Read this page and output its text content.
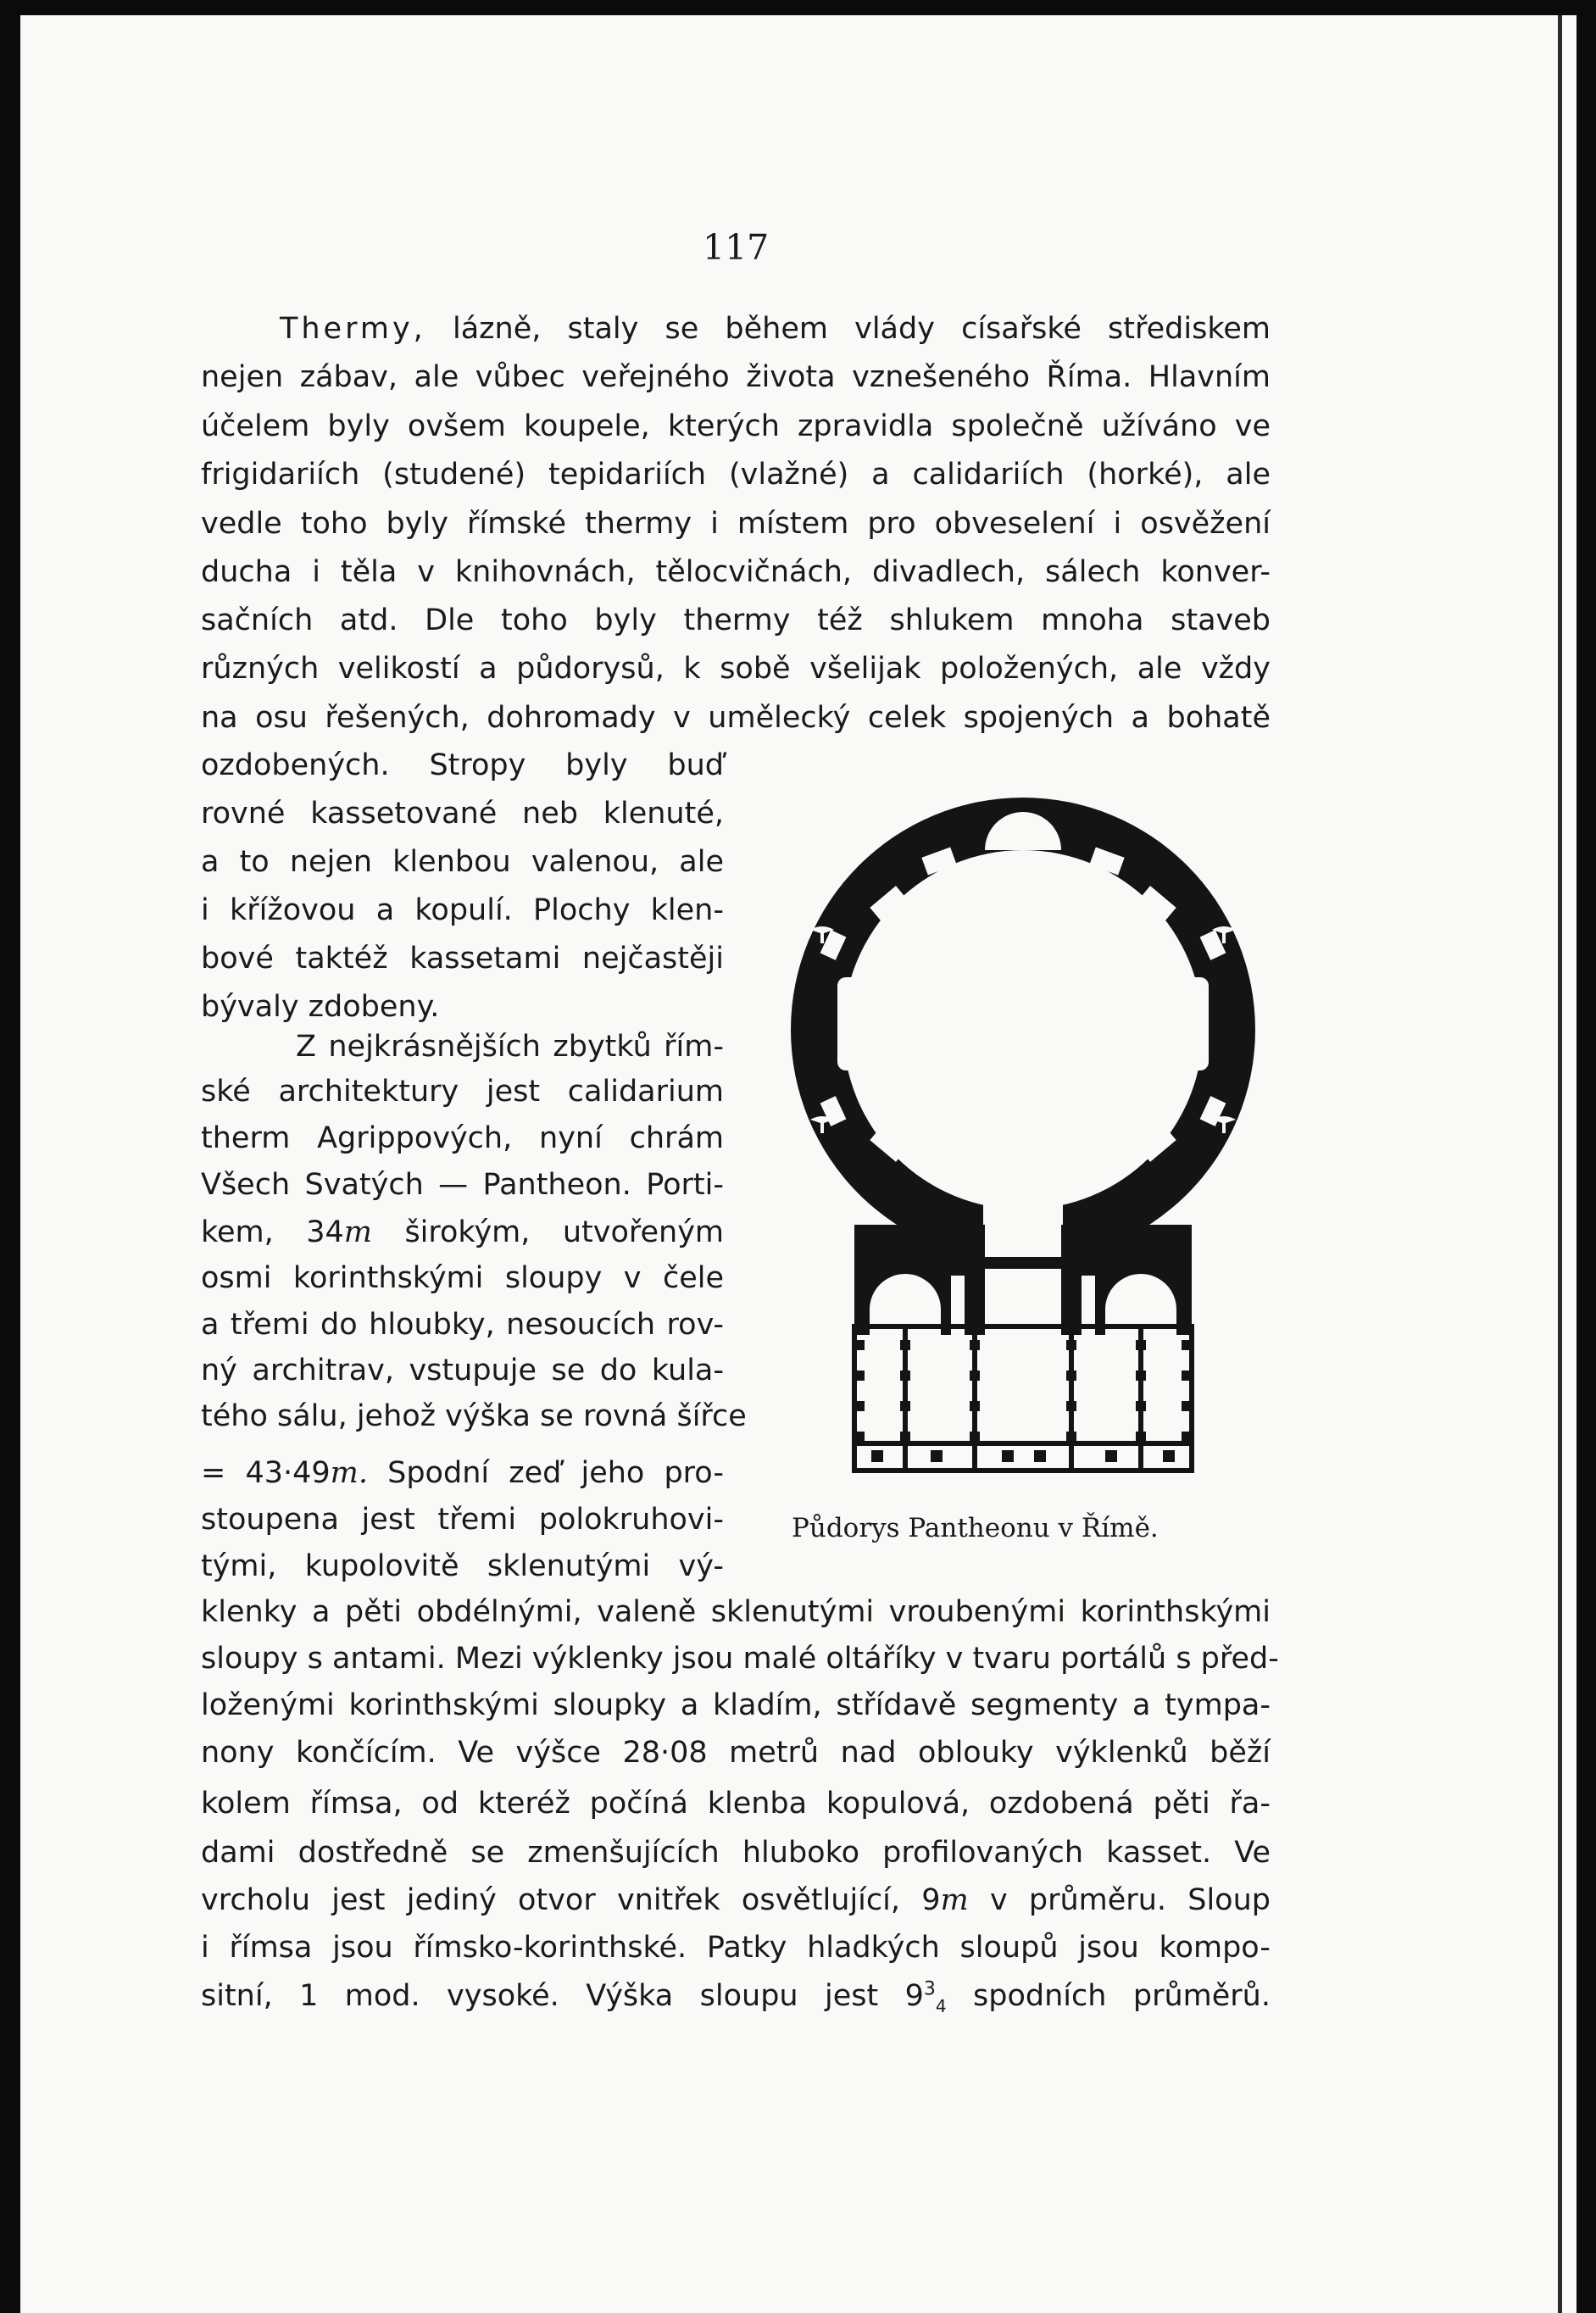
117

Thermy, lázně, staly se během vlády císařské střediskem

nejen zábav, ale vůbec veřejného života vznešeného Říma. Hlavním

účelem byly ovšem koupele, kterých zpravidla společně užíváno ve

frigidariích (studené) tepidariích (vlažné) a calidariích (horké), ale

vedle toho byly římské thermy i místem pro obveselení i osvěžení

ducha i těla v knihovnách, tělocvičnách, divadlech, sálech konver-

sačních atd. Dle toho byly thermy též shlukem mnoha staveb

různých velikostí a půdorysů, k sobě všelijak položených, ale vždy

na osu řešených, dohromady v umělecký celek spojených a bohatě

ozdobených. Stropy byly buď

rovné kassetované neb klenuté,

a to nejen klenbou valenou, ale

i křížovou a kopulí. Plochy klen-

bové taktéž kassetami nejčastěji

bývaly zdobeny.

Z nejkrásnějších zbytků řím-

ské architektury jest calidarium

therm Agrippových, nyní chrám

Všech Svatých — Pantheon. Porti-

kem, 34m širokým, utvořeným

osmi korinthskými sloupy v čele

a třemi do hloubky, nesoucích rov-

ný architrav, vstupuje se do kula-

tého sálu, jehož výška se rovná šířce

= 43·49m. Spodní zeď jeho pro-

stoupena jest třemi polokruhovi-

tými, kupolovitě sklenutými vý-

klenky a pěti obdélnými, valeně sklenutými vroubenými korinthskými

sloupy s antami. Mezi výklenky jsou malé oltáříky v tvaru portálů s před-

loženými korinthskými sloupky a kladím, střídavě segmenty a tympa-

nony končícím. Ve výšce 28·08 metrů nad oblouky výklenků běží

kolem římsa, od kteréž počíná klenba kopulová, ozdobená pěti řa-

dami dostředně se zmenšujících hluboko profilovaných kasset. Ve

vrcholu jest jediný otvor vnitřek osvětlující, 9m v průměru. Sloup

i římsa jsou římsko-korinthské. Patky hladkých sloupů jsou kompo-

sitní, 1 mod. vysoké. Výška sloupu jest $9^3_4$ spodních průměrů.

Půdorys Pantheonu v Římě.
